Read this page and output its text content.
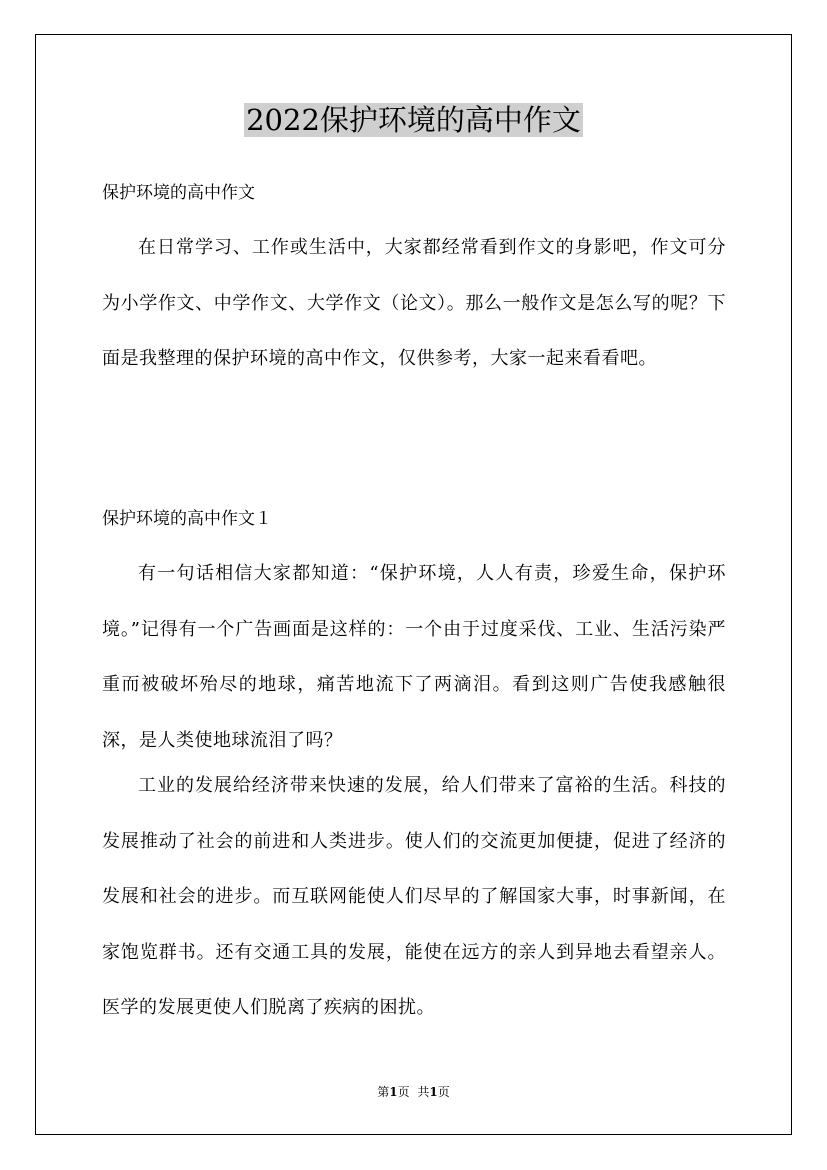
2022保护环境的高中作文
保护环境的高中作文

在日常学习、工作或生活中，大家都经常看到作文的身影吧，作文可分为小学作文、中学作文、大学作文（论文）。那么一般作文是怎么写的呢？下面是我整理的保护环境的高中作文，仅供参考，大家一起来看看吧。

保护环境的高中作文１

有一句话相信大家都知道：“保护环境，人人有责，珍爱生命，保护环境。”记得有一个广告画面是这样的：一个由于过度采伐、工业、生活污染严重而被破坏殆尽的地球，痛苦地流下了两滴泪。看到这则广告使我感触很深，是人类使地球流泪了吗？

工业的发展给经济带来快速的发展，给人们带来了富裕的生活。科技的发展推动了社会的前进和人类进步。使人们的交流更加便捷，促进了经济的发展和社会的进步。而互联网能使人们尽早的了解国家大事，时事新闻，在家饱览群书。还有交通工具的发展，能使在远方的亲人到异地去看望亲人。医学的发展更使人们脱离了疾病的困扰。

第1页 共1页
